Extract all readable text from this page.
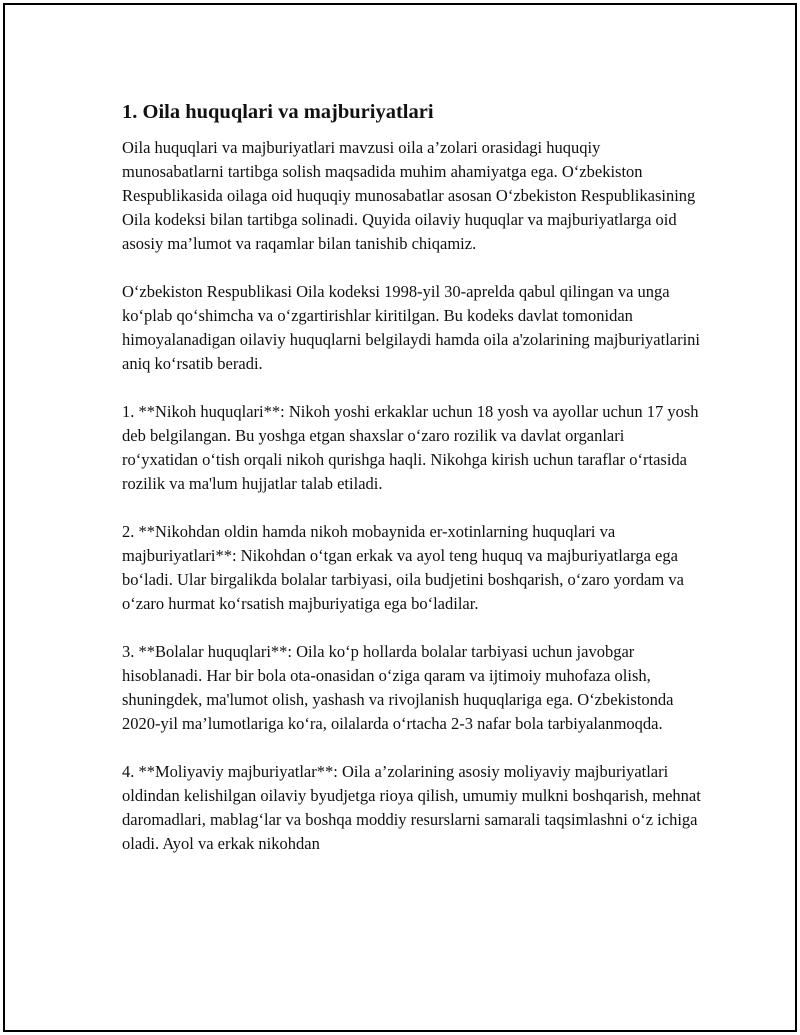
1. Oila huquqlari va majburiyatlari

Oila huquqlari va majburiyatlari mavzusi oila a’zolari orasidagi huquqiy munosabatlarni tartibga solish maqsadida muhim ahamiyatga ega. O‘zbekiston Respublikasida oilaga oid huquqiy munosabatlar asosan O‘zbekiston Respublikasining Oila kodeksi bilan tartibga solinadi. Quyida oilaviy huquqlar va majburiyatlarga oid asosiy ma’lumot va raqamlar bilan tanishib chiqamiz.

O‘zbekiston Respublikasi Oila kodeksi 1998-yil 30-aprelda qabul qilingan va unga ko‘plab qo‘shimcha va o‘zgartirishlar kiritilgan. Bu kodeks davlat tomonidan himoyalanadigan oilaviy huquqlarni belgilaydi hamda oila a'zolarining majburiyatlarini aniq ko‘rsatib beradi.

1. **Nikoh huquqlari**: Nikoh yoshi erkaklar uchun 18 yosh va ayollar uchun 17 yosh deb belgilangan. Bu yoshga etgan shaxslar o‘zaro rozilik va davlat organlari ro‘yxatidan o‘tish orqali nikoh qurishga haqli. Nikohga kirish uchun taraflar o‘rtasida rozilik va ma'lum hujjatlar talab etiladi.

2. **Nikohdan oldin hamda nikoh mobaynida er-xotinlarning huquqlari va majburiyatlari**: Nikohdan o‘tgan erkak va ayol teng huquq va majburiyatlarga ega bo‘ladi. Ular birgalikda bolalar tarbiyasi, oila budjetini boshqarish, o‘zaro yordam va o‘zaro hurmat ko‘rsatish majburiyatiga ega bo‘ladilar.

3. **Bolalar huquqlari**: Oila ko‘p hollarda bolalar tarbiyasi uchun javobgar hisoblanadi. Har bir bola ota-onasidan o‘ziga qaram va ijtimoiy muhofaza olish, shuningdek, ma'lumot olish, yashash va rivojlanish huquqlariga ega. O‘zbekistonda 2020-yil ma’lumotlariga ko‘ra, oilalarda o‘rtacha 2-3 nafar bola tarbiyalanmoqda.

4. **Moliyaviy majburiyatlar**: Oila a’zolarining asosiy moliyaviy majburiyatlari oldindan kelishilgan oilaviy byudjetga rioya qilish, umumiy mulkni boshqarish, mehnat daromadlari, mablag‘lar va boshqa moddiy resurslarni samarali taqsimlashni o‘z ichiga oladi. Ayol va erkak nikohdan
